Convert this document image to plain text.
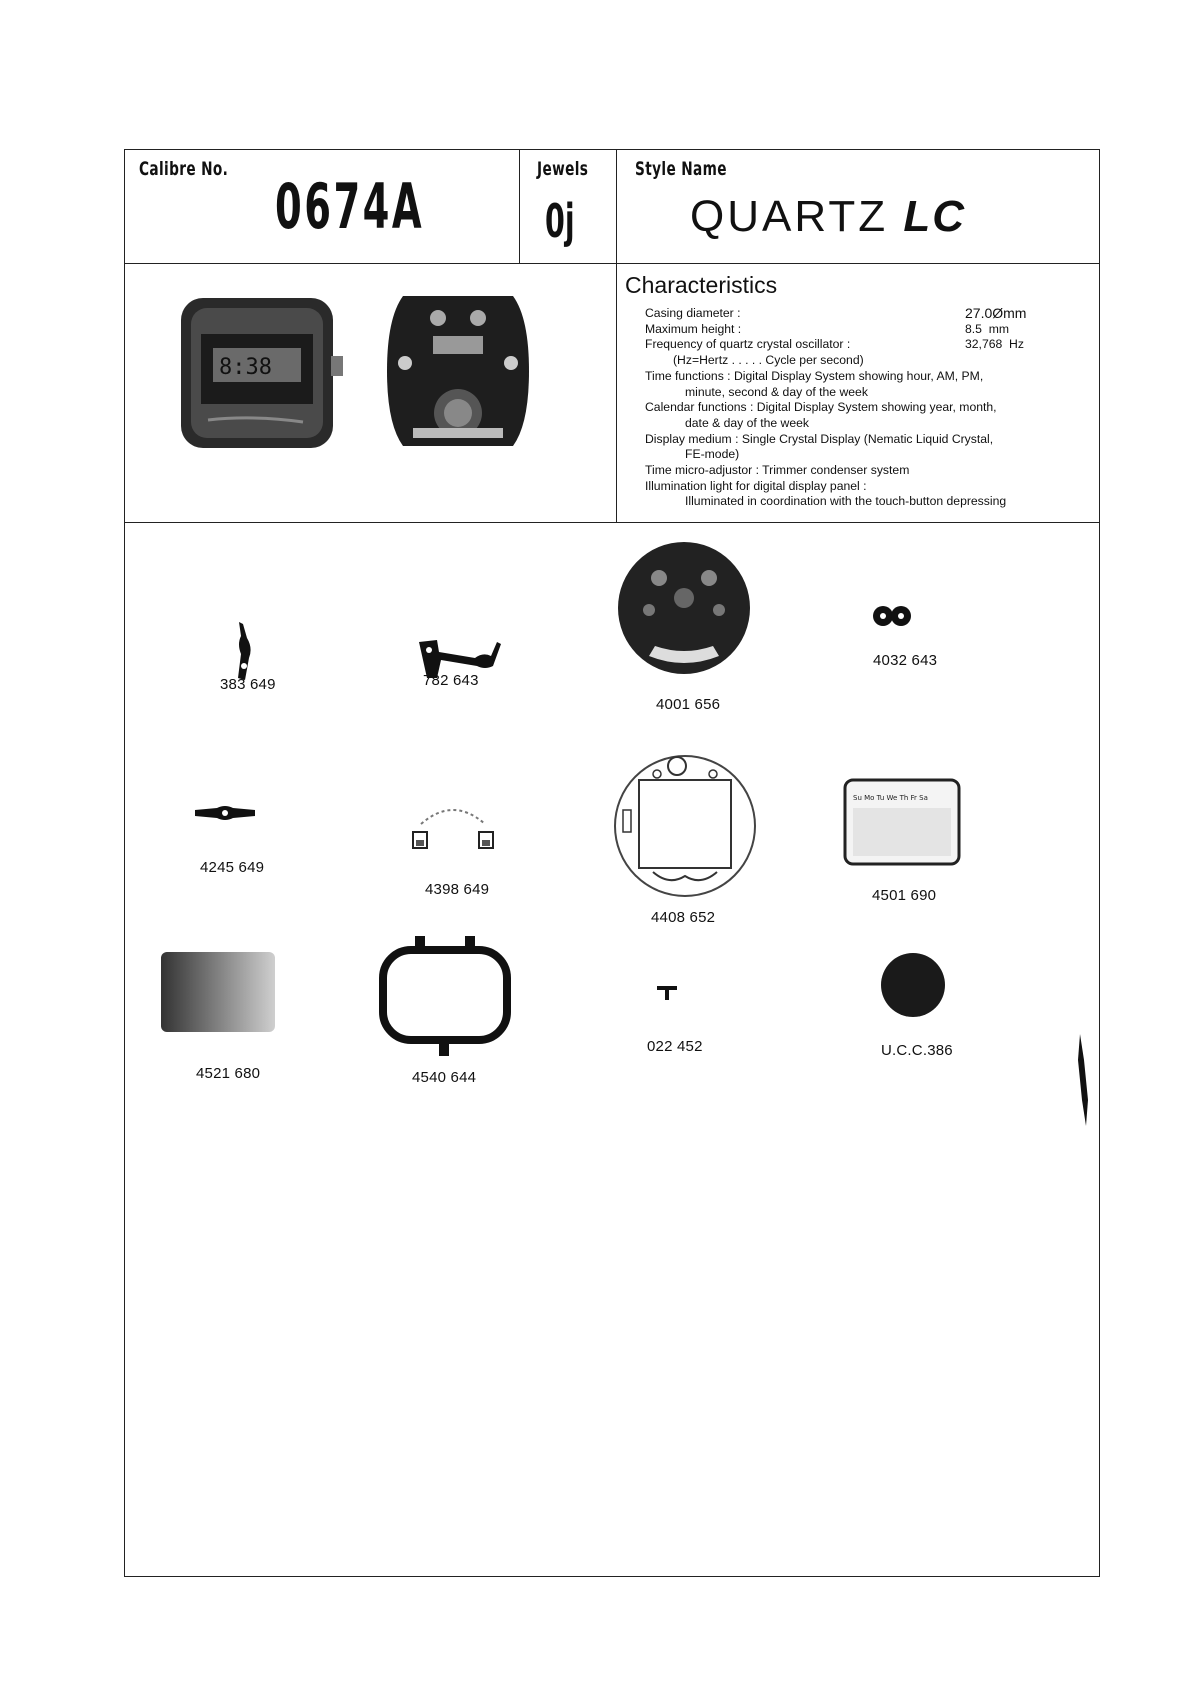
Calibre No.
0674A
Jewels
0j
Style Name
QUARTZ LC
8:38
Characteristics
Casing diameter :	27.0Ømm
Maximum height :	8.5  mm
Frequency of quartz crystal oscillator :	32,768  Hz
(Hz=Hertz . . . . . Cycle per second)
Time functions : Digital Display System showing hour, AM, PM,
minute, second & day of the week
Calendar functions : Digital Display System showing year, month,
date & day of the week
Display medium : Single Crystal Display (Nematic Liquid Crystal,
FE-mode)
Time micro-adjustor : Trimmer condenser system
Illumination light for digital display panel :
Illuminated in coordination with the touch-button depressing
383 649	782 643
4001 656
4032 643
4245 649
4398 649
4408 652
Su Mo Tu We Th Fr Sa
4501 690
4521 680	4540 644
022 452	U.C.C.386
